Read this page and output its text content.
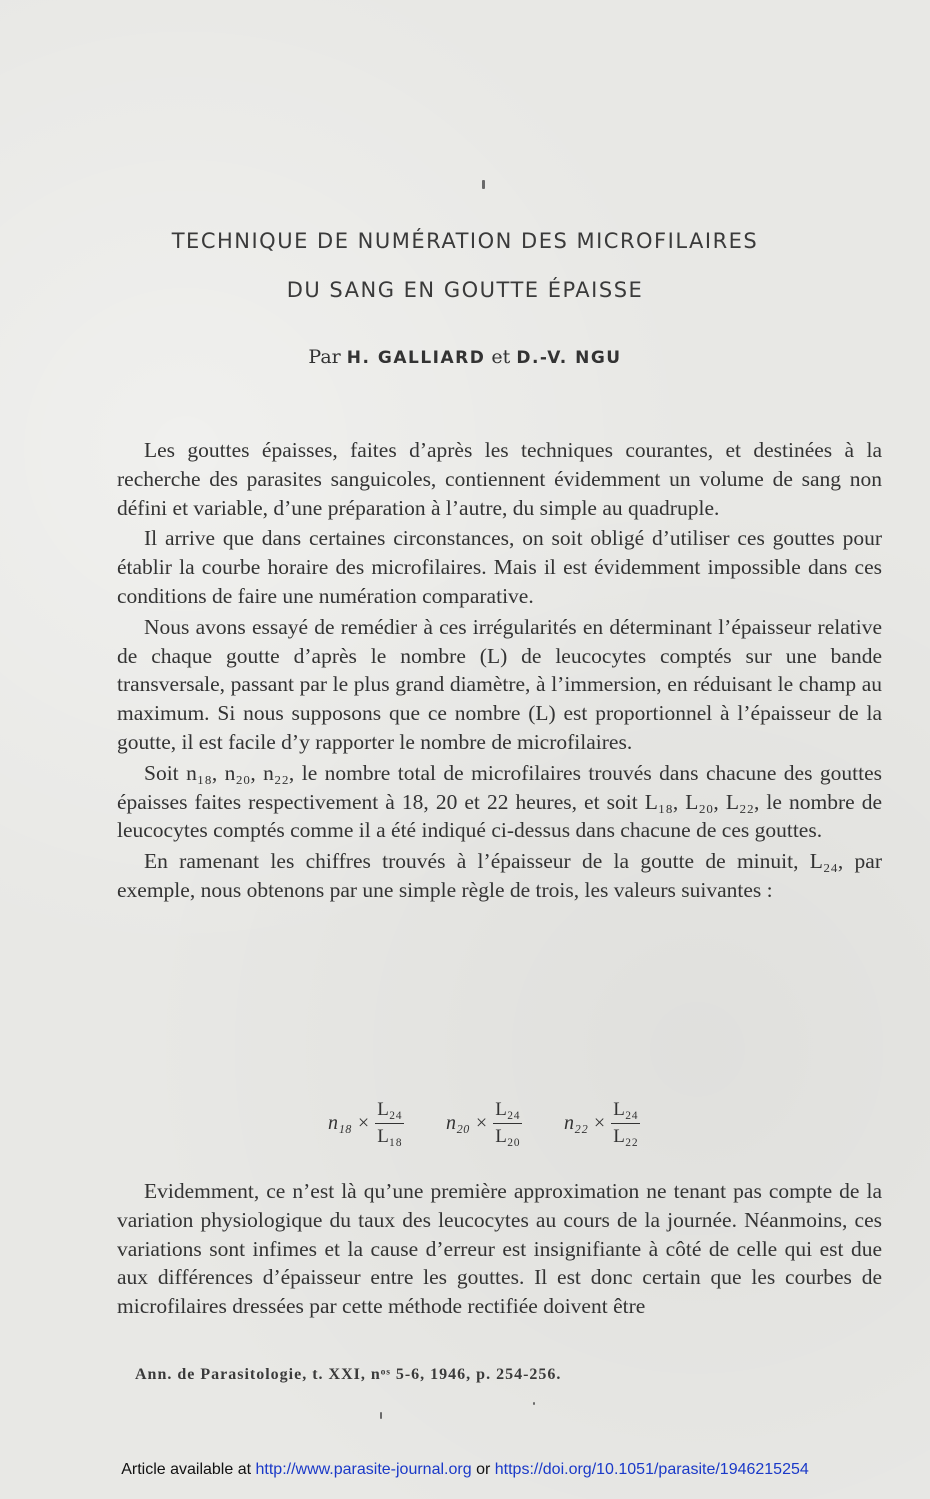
TECHNIQUE DE NUMÉRATION DES MICROFILAIRES
DU SANG EN GOUTTE ÉPAISSE
Par H. GALLIARD et D.-V. NGU

Les gouttes épaisses, faites d’après les techniques courantes, et destinées à la recherche des parasites sanguicoles, contiennent évidemment un volume de sang non défini et variable, d’une préparation à l’autre, du simple au quadruple.

Il arrive que dans certaines circonstances, on soit obligé d’utiliser ces gouttes pour établir la courbe horaire des microfilaires. Mais il est évidemment impossible dans ces conditions de faire une numération comparative.

Nous avons essayé de remédier à ces irrégularités en déterminant l’épaisseur relative de chaque goutte d’après le nombre (L) de leucocytes comptés sur une bande transversale, passant par le plus grand diamètre, à l’immersion, en réduisant le champ au maximum. Si nous supposons que ce nombre (L) est proportionnel à l’épaisseur de la goutte, il est facile d’y rapporter le nombre de microfilaires.

Soit n₁₈, n₂₀, n₂₂, le nombre total de microfilaires trouvés dans chacune des gouttes épaisses faites respectivement à 18, 20 et 22 heures, et soit L₁₈, L₂₀, L₂₂, le nombre de leucocytes comptés comme il a été indiqué ci-dessus dans chacune de ces gouttes.

En ramenant les chiffres trouvés à l’épaisseur de la goutte de minuit, L₂₄, par exemple, nous obtenons par une simple règle de trois, les valeurs suivantes :

$n_{18} \times \frac{\text{L₂₄}}{\text{L₁₈}} n_{20} \times \frac{\text{L₂₄}}{\text{L₂₀}} n_{22} \times \frac{\text{L₂₄}}{\text{L₂₂}}$

Evidemment, ce n’est là qu’une première approximation ne tenant pas compte de la variation physiologique du taux des leucocytes au cours de la journée. Néanmoins, ces variations sont infimes et la cause d’erreur est insignifiante à côté de celle qui est due aux différences d’épaisseur entre les gouttes. Il est donc certain que les courbes de microfilaires dressées par cette méthode rectifiée doivent être

Ann. de Parasitologie, t. XXI, nᵒˢ 5-6, 1946, p. 254-256.
Article available at http://www.parasite-journal.org or https://doi.org/10.1051/parasite/1946215254
